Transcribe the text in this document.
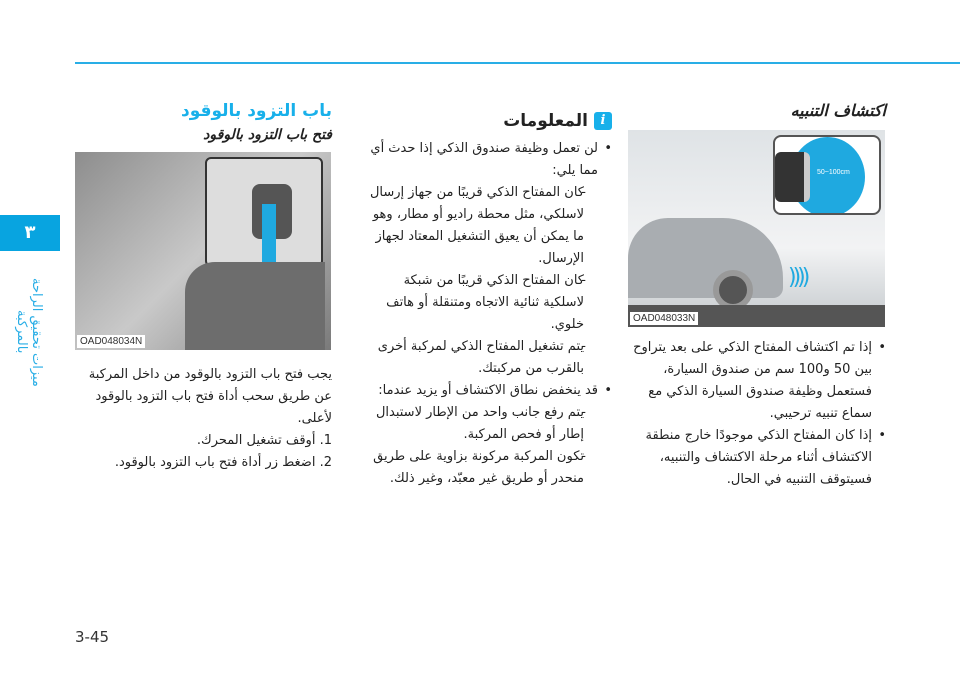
٣
ميزات تحقيق الراحة بالمركبة
3-45
اكتشاف التنبيه
50~100cm
))))
OAD048033N
• إذا تم اكتشاف المفتاح الذكي على بعد يتراوح بين 50 و100 سم من صندوق السيارة، فستعمل وظيفة صندوق السيارة الذكي مع سماع تنبيه ترحيبي.
• إذا كان المفتاح الذكي موجودًا خارج منطقة الاكتشاف أثناء مرحلة الاكتشاف والتنبيه، فسيتوقف التنبيه في الحال.
iالمعلومات
• لن تعمل وظيفة صندوق الذكي إذا حدث أي مما يلي:
- كان المفتاح الذكي قريبًا من جهاز إرسال لاسلكي، مثل محطة راديو أو مطار، وهو ما يمكن أن يعيق التشغيل المعتاد لجهاز الإرسال.
- كان المفتاح الذكي قريبًا من شبكة لاسلكية ثنائية الاتجاه ومتنقلة أو هاتف خلوي.
- يتم تشغيل المفتاح الذكي لمركبة أخرى بالقرب من مركبتك.
• قد ينخفض نطاق الاكتشاف أو يزيد عندما:
- يتم رفع جانب واحد من الإطار لاستبدال إطار أو فحص المركبة.
- تكون المركبة مركونة بزاوية على طريق منحدر أو طريق غير معبّد، وغير ذلك.
باب التزود بالوقود
فتح باب التزود بالوقود
OAD048034N

يجب فتح باب التزود بالوقود من داخل المركبة عن طريق سحب أداة فتح باب التزود بالوقود لأعلى.

1. أوقف تشغيل المحرك.

2. اضغط زر أداة فتح باب التزود بالوقود.
